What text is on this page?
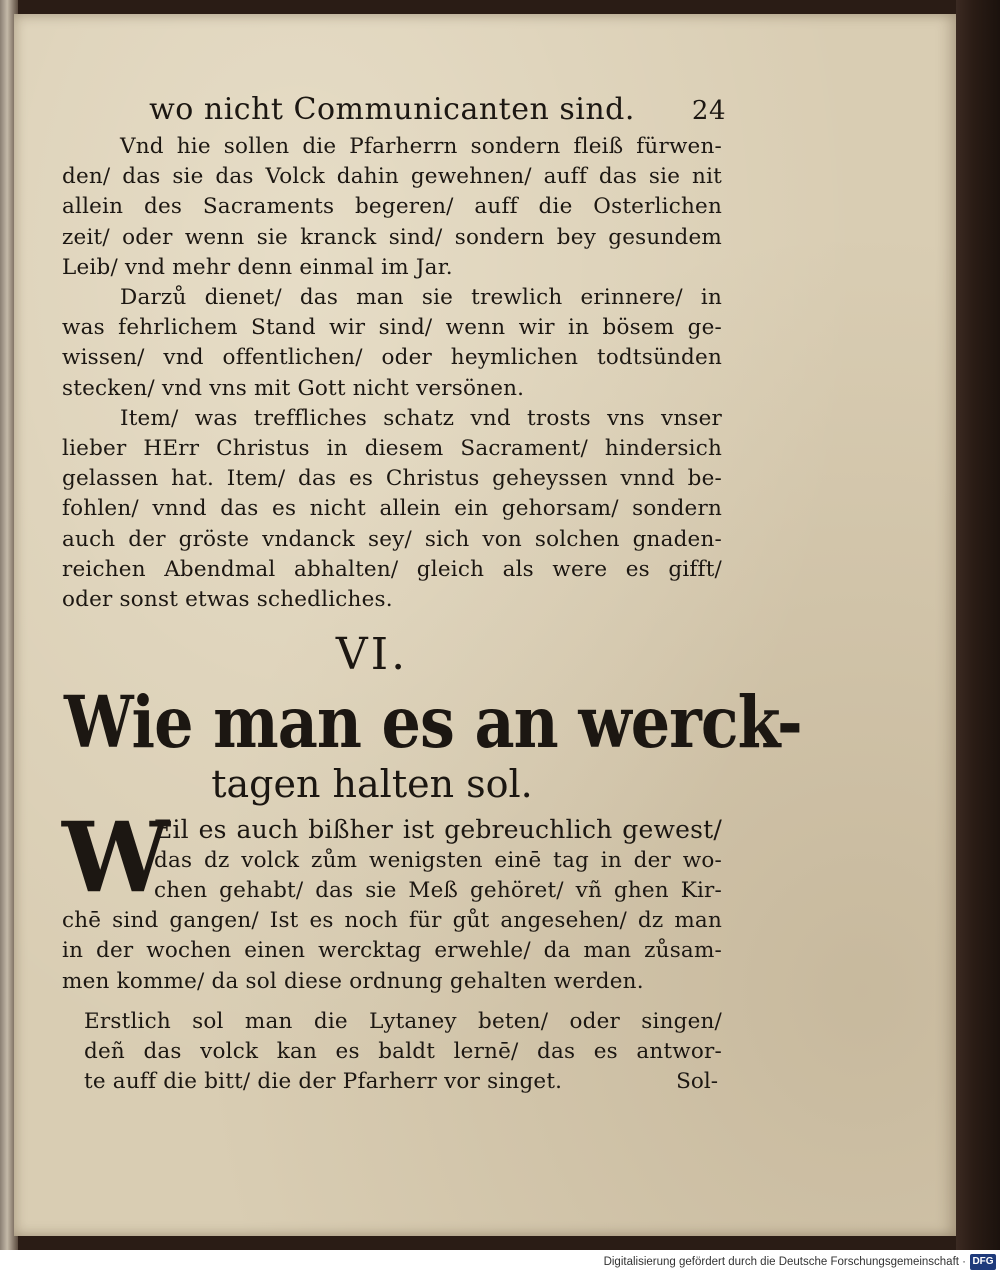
wo nicht Communicanten sind. 24
Vnd hie sollen die Pfarherrn sondern fleiß fürwen-
den/ das sie das Volck dahin gewehnen/ auff das sie nit
allein des Sacraments begeren/ auff die Osterlichen
zeit/ oder wenn sie kranck sind/ sondern bey gesundem
Leib/ vnd mehr denn einmal im Jar.
Darzů dienet/ das man sie trewlich erinnere/ in
was fehrlichem Stand wir sind/ wenn wir in bösem ge-
wissen/ vnd offentlichen/ oder heymlichen todtsünden
stecken/ vnd vns mit Gott nicht versönen.
Item/ was treffliches schatz vnd trosts vns vnser
lieber HErr Christus in diesem Sacrament/ hindersich
gelassen hat. Item/ das es Christus geheyssen vnnd be-
fohlen/ vnnd das es nicht allein ein gehorsam/ sondern
auch der gröste vndanck sey/ sich von solchen gnaden-
reichen Abendmal abhalten/ gleich als were es gifft/
oder sonst etwas schedliches.
VI.
Wie man es an werck-
tagen halten sol.
W
Eil es auch bißher ist gebreuchlich gewest/
das dz volck zům wenigsten einē tag in der wo-
chen gehabt/ das sie Meß gehöret/ vñ ghen Kir-
chē sind gangen/ Ist es noch für gůt angesehen/ dz man
in der wochen einen wercktag erwehle/ da man zůsam-
men komme/ da sol diese ordnung gehalten werden.
Erstlich sol man die Lytaney beten/ oder singen/
deñ das volck kan es baldt lernē/ das es antwor-
te auff die bitt/ die der Pfarherr vor singet.	Sol-
Digitalisierung gefördert durch die Deutsche Forschungsgemeinschaft · DFG
